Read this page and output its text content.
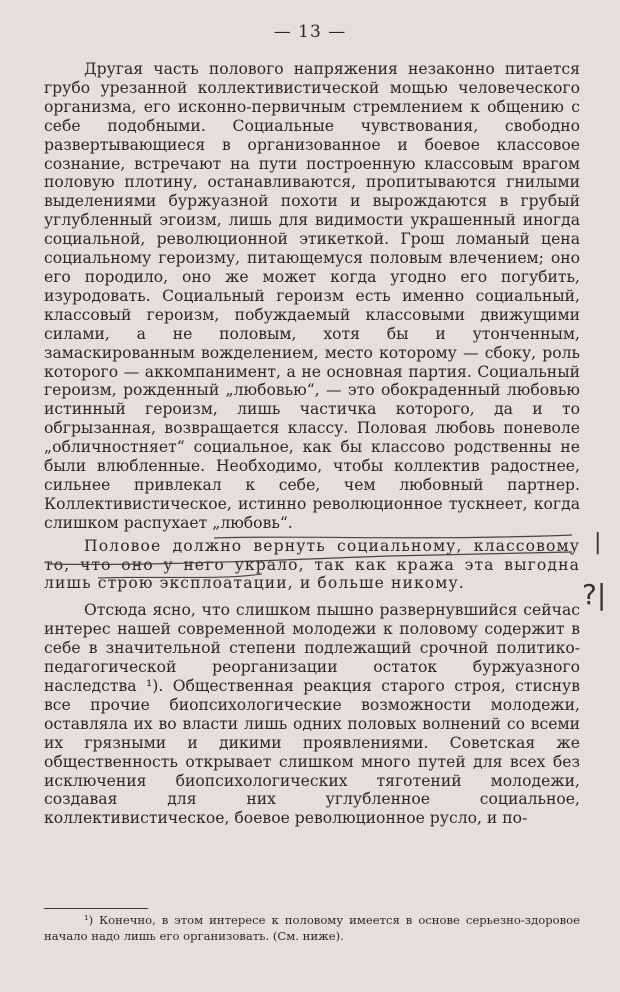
— 13 —

Другая часть полового напряжения незаконно питается грубо урезанной коллективистической мощью человеческого организма, его исконно-первичным стремлением к общению с себе подобными. Социальные чувствования, свободно развертывающиеся в организованное и боевое классовое сознание, встречают на пути построенную классовым врагом половую плотину, останавливаются, пропитываются гнилыми выделениями буржуазной похоти и вырождаются в грубый углубленный эгоизм, лишь для видимости украшенный иногда социальной, революционной этикеткой. Грош ломаный цена социальному героизму, питающемуся половым влечением; оно его породило, оно же может когда угодно его погубить, изуродовать. Социальный героизм есть именно социальный, классовый героизм, побуждаемый классовыми движущими силами, а не половым, хотя бы и утонченным, замаскированным вожделением, место которому — сбоку, роль которого — аккомпанимент, а не основная партия. Социальный героизм, рожденный „любовью“, — это обокраденный любовью истинный героизм, лишь частичка которого, да и то обгрызанная, возвращается классу. Половая любовь поневоле „обличностняет“ социальное, как бы классово родственны не были влюбленные. Необходимо, чтобы коллектив радостнее, сильнее привлекал к себе, чем любовный партнер. Коллективистическое, истинно революционное тускнеет, когда слишком распухает „любовь“.

Половое должно вернуть социальному, классовому то, что оно у него украло, так как кража эта выгодна лишь строю эксплоатации, и больше никому.

Отсюда ясно, что слишком пышно развернувшийся сейчас интерес нашей современной молодежи к половому содержит в себе в значительной степени подлежащий срочной политико-педагогической реорганизации остаток буржуазного наследства ¹). Общественная реакция старого строя, стиснув все прочие биопсихологические возможности молодежи, оставляла их во власти лишь одних половых волнений со всеми их грязными и дикими проявлениями. Советская же общественность открывает слишком много путей для всех без исключения биопсихологических тяготений молодежи, создавая для них углубленное социальное, коллективистическое, боевое революционное русло, и по-

|
?|

¹) Конечно, в этом интересе к половому имеется в основе серьезно-здоровое начало надо лишь его организовать. (См. ниже).
